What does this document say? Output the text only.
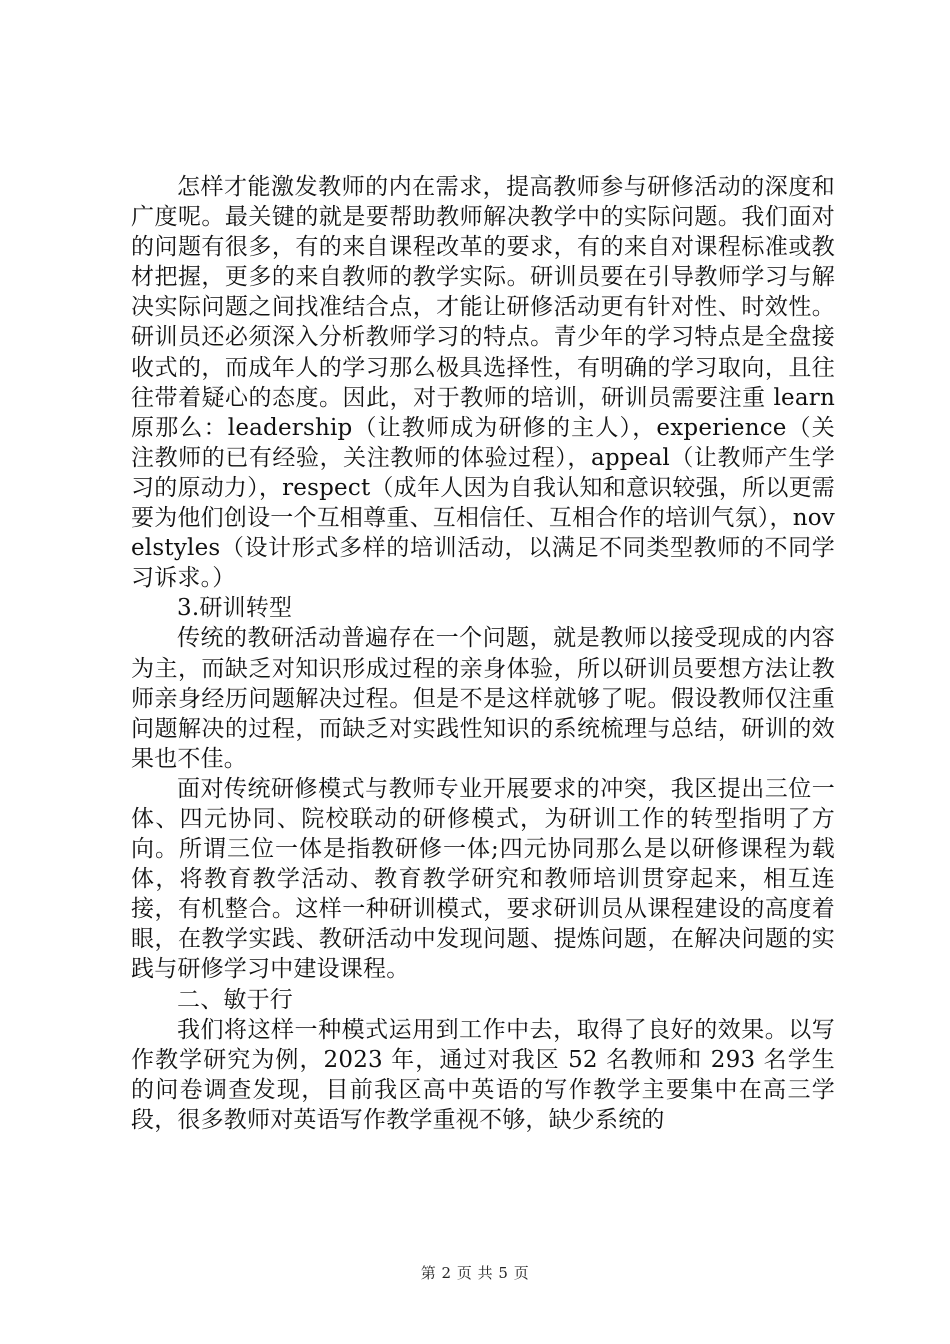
怎样才能激发教师的内在需求，提高教师参与研修活动的深度和广度呢。最关键的就是要帮助教师解决教学中的实际问题。我们面对的问题有很多，有的来自课程改革的要求，有的来自对课程标准或教材把握，更多的来自教师的教学实际。研训员要在引导教师学习与解决实际问题之间找准结合点，才能让研修活动更有针对性、时效性。研训员还必须深入分析教师学习的特点。青少年的学习特点是全盘接收式的，而成年人的学习那么极具选择性，有明确的学习取向，且往往带着疑心的态度。因此，对于教师的培训，研训员需要注重 learn 原那么：leadership（让教师成为研修的主人），experience（关注教师的已有经验，关注教师的体验过程），appeal（让教师产生学习的原动力），respect（成年人因为自我认知和意识较强，所以更需要为他们创设一个互相尊重、互相信任、互相合作的培训气氛），novelstyles（设计形式多样的培训活动，以满足不同类型教师的不同学习诉求。）

3.研训转型

传统的教研活动普遍存在一个问题，就是教师以接受现成的内容为主，而缺乏对知识形成过程的亲身体验，所以研训员要想方法让教师亲身经历问题解决过程。但是不是这样就够了呢。假设教师仅注重问题解决的过程，而缺乏对实践性知识的系统梳理与总结，研训的效果也不佳。

面对传统研修模式与教师专业开展要求的冲突，我区提出三位一体、四元协同、院校联动的研修模式，为研训工作的转型指明了方向。所谓三位一体是指教研修一体;四元协同那么是以研修课程为载体，将教育教学活动、教育教学研究和教师培训贯穿起来，相互连接，有机整合。这样一种研训模式，要求研训员从课程建设的高度着眼，在教学实践、教研活动中发现问题、提炼问题，在解决问题的实践与研修学习中建设课程。

二、敏于行

我们将这样一种模式运用到工作中去，取得了良好的效果。以写作教学研究为例，2023 年，通过对我区 52 名教师和 293 名学生的问卷调查发现，目前我区高中英语的写作教学主要集中在高三学段，很多教师对英语写作教学重视不够，缺少系统的

第 2 页 共 5 页
